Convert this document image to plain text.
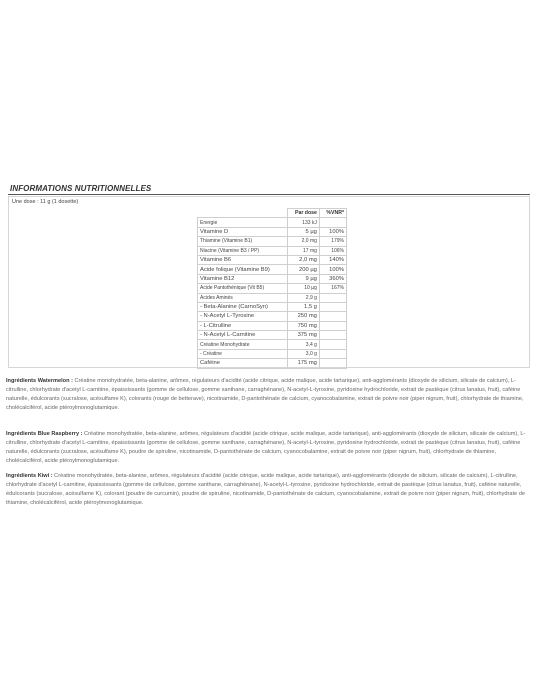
INFORMATIONS NUTRITIONNELLES
Une dose : 11 g (1 dosette)
	Par dose	%VNR*
Energie	133 kJ	
Vitamine D	5 µg	100%
Thiamine (Vitamine B1)	2,0 mg	179%
Niacine (Vitamine B3 / PP)	17 mg	106%
Vitamine B6	2,0 mg	140%
Acide folique (Vitamine B9)	200 µg	100%
Vitamine B12	9 µg	360%
Acide Pantothénique (Vit B5)	10 µg	167%
Acides Aminés	2,9 g	
- Beta-Alanine (CarnoSyn)	1,5 g	
- N-Acetyl L-Tyrosine	250 mg	
- L-Citrulline	750 mg	
- N-Acetyl L-Carnitine	375 mg	
Créatine Monohydrate	3,4 g	
- Créatine	3,0 g	
Caféine	175 mg	
Ingrédients Watermelon : Créatine monohydratée, beta-alanine, arômes, régulateurs d'acidité (acide citrique, acide malique, acide tartarique), anti-agglomérants (dioxyde de silicium, silicate de calcium), L-citrulline, chlorhydrate d'acetyl L-carnitine, épaississants (gomme de cellulose, gomme xanthane, carraghénane), N-acetyl-L-tyrosine, pyridoxine hydrochloride, extrait de pastèque (citrus lanatus, fruit), caféine naturelle, édulcorants (sucralose, acésulfame K), colorants (rouge de betterave), nicotinamide, D-pantothénate de calcium, cyanocobalamine, extrait de poivre noir (piper nigrum, fruit), chlorhydrate de thiamine, cholécalciférol, acide ptéroylmonoglutamique.
Ingrédients Blue Raspberry : Créatine monohydratée, beta-alanine, arômes, régulateurs d'acidité (acide citrique, acide malique, acide tartarique), anti-agglomérants (dioxyde de silicium, silicate de calcium), L-citrulline, chlorhydrate d'acetyl L-carnitine, épaississants (gomme de cellulose, gomme xanthane, carraghénane), N-acetyl-L-tyrosine, pyridoxine hydrochloride, extrait de pastèque (citrus lanatus, fruit), caféine naturelle, édulcorants (sucralose, acésulfame K), poudre de spiruline, nicotinamide, D-pantothénate de calcium, cyanocobalamine, extrait de poivre noir (piper nigrum, fruit), chlorhydrate de thiamine, cholécalciférol, acide ptéroylmonoglutamique.
Ingrédients Kiwi : Créatine monohydratée, beta-alanine, arômes, régulateurs d'acidité (acide citrique, acide malique, acide tartarique), anti-agglomérants (dioxyde de silicium, silicate de calcium), L-citrulline, chlorhydrate d'acetyl L-carnitine, épaississants (gomme de cellulose, gomme xanthane, carraghénane), N-acetyl-L-tyrosine, pyridoxine hydrochloride, extrait de pastèque (citrus lanatus, fruit), caféine naturelle, édulcorants (sucralose, acésulfame K), colorant (poudre de curcumin), poudre de spiruline, nicotinamide, D-pantothénate de calcium, cyanocobalamine, extrait de poivre noir (piper nigrum, fruit), chlorhydrate de thiamine, cholécalciférol, acide ptéroylmonoglutamique.
